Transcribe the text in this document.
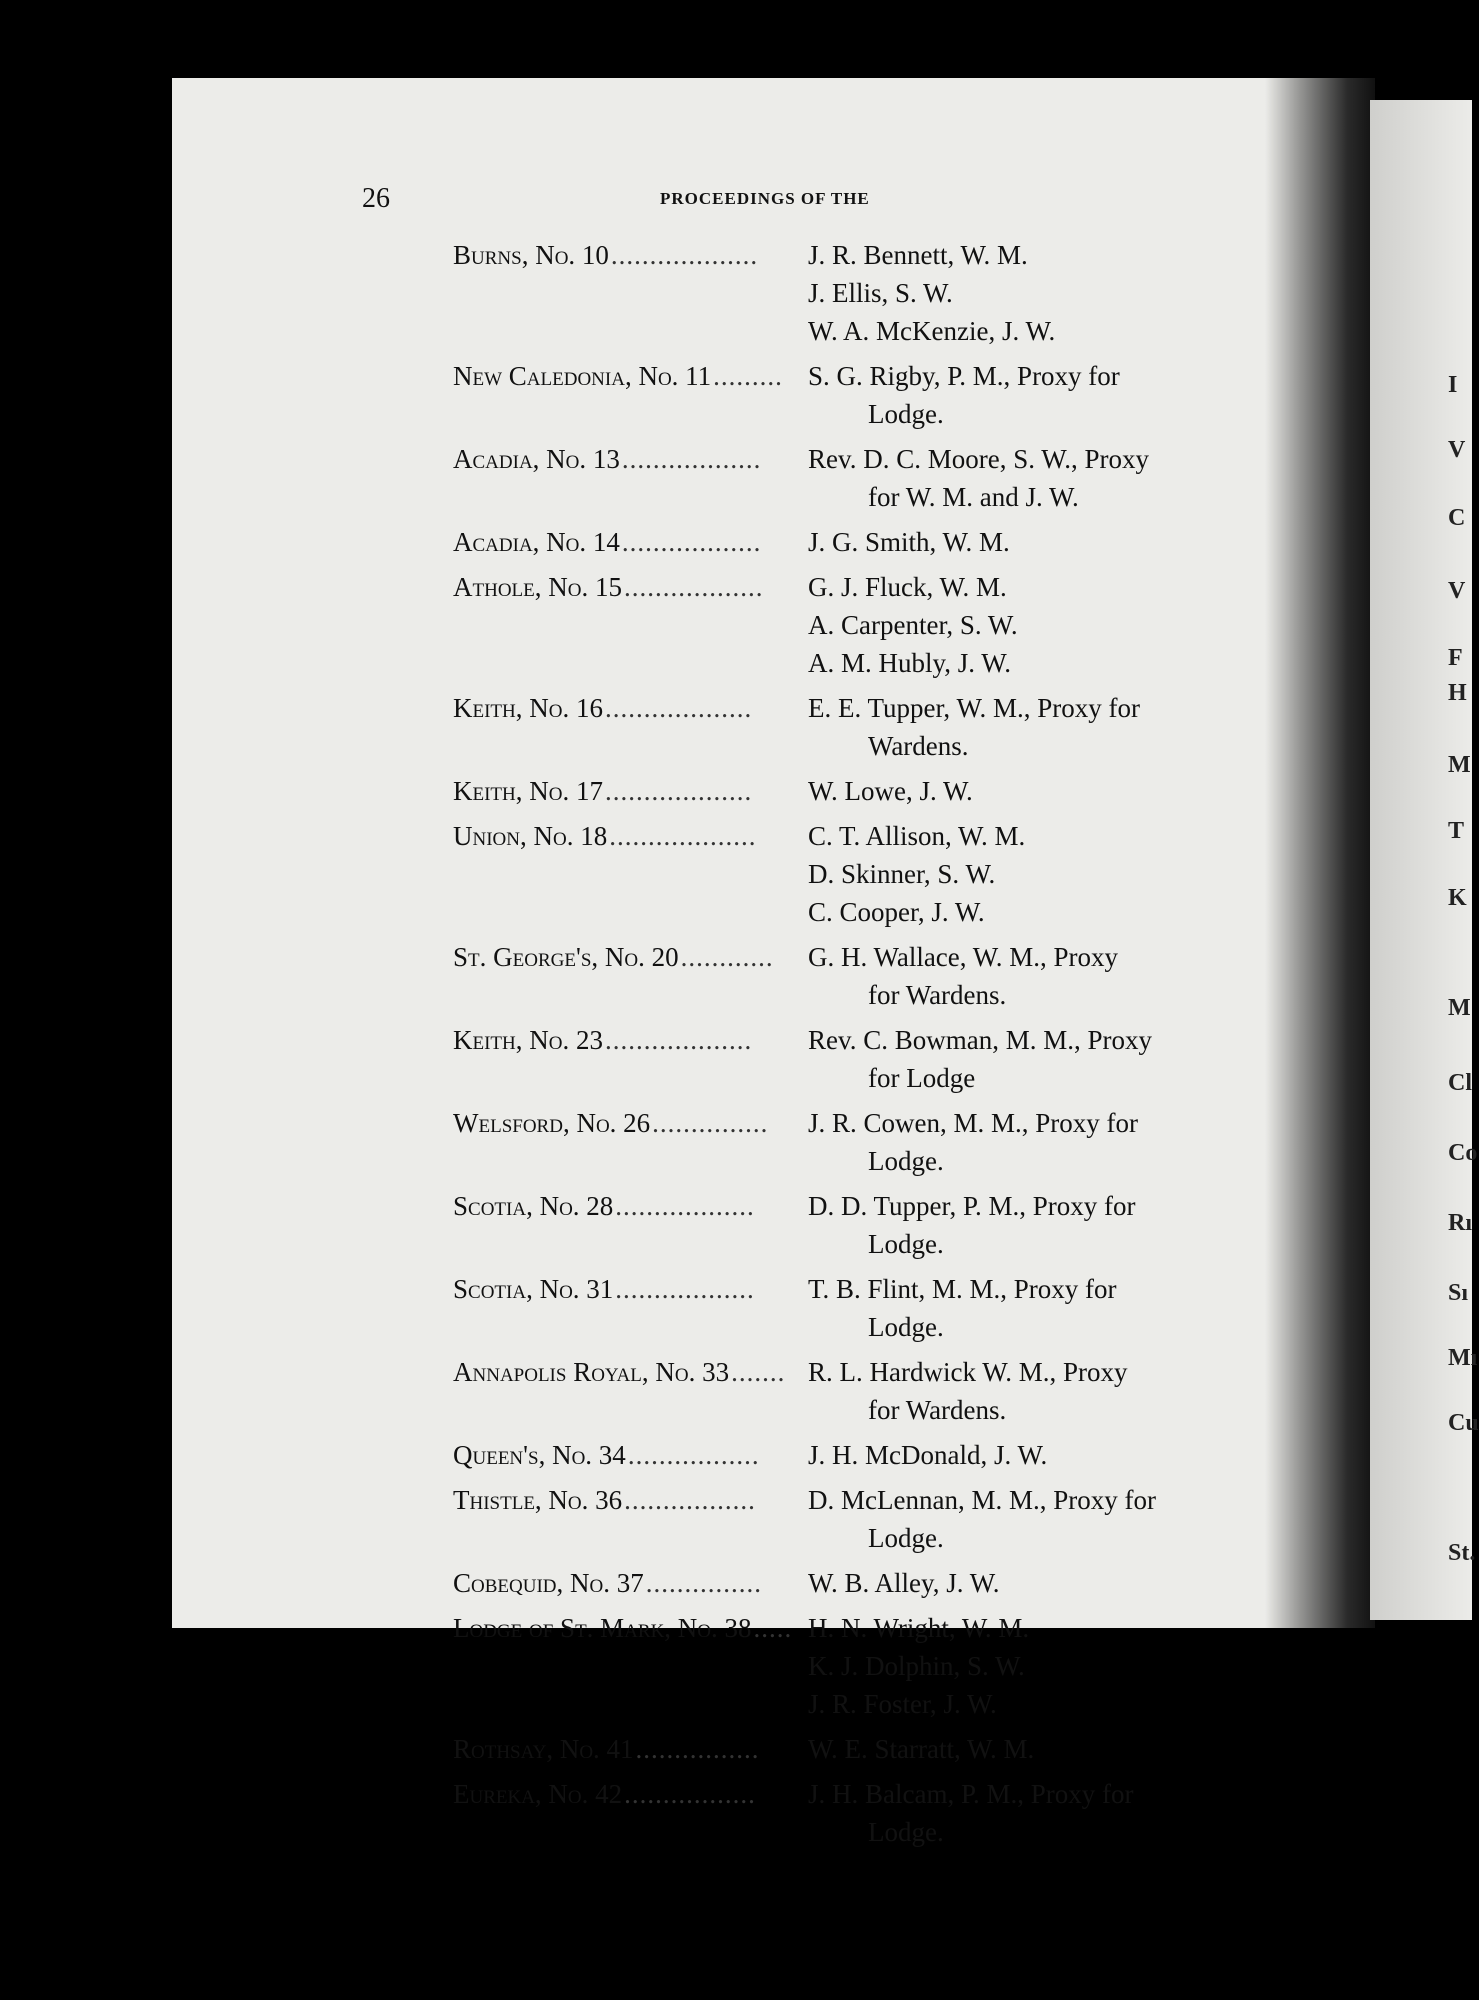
I
V
C
V
F
H
M
T
K
M
Cl
Co
Rı
Sı
Mı
Cu
St.
26	PROCEEDINGS OF THE
Burns, No. 10 ................... J. R. Bennett, W. M.
J. Ellis, S. W.
W. A. McKenzie, J. W.
New Caledonia, No. 11 ......... S. G. Rigby, P. M., Proxy for
Lodge.
Acadia, No. 13 .................. Rev. D. C. Moore, S. W., Proxy
for W. M. and J. W.
Acadia, No. 14 .................. J. G. Smith, W. M.
Athole, No. 15 .................. G. J. Fluck, W. M.
A. Carpenter, S. W.
A. M. Hubly, J. W.
Keith, No. 16 ................... E. E. Tupper, W. M., Proxy for
Wardens.
Keith, No. 17 ................... W. Lowe, J. W.
Union, No. 18 ................... C. T. Allison, W. M.
D. Skinner, S. W.
C. Cooper, J. W.
St. George's, No. 20 ............ G. H. Wallace, W. M., Proxy
for Wardens.
Keith, No. 23 ................... Rev. C. Bowman, M. M., Proxy
for Lodge
Welsford, No. 26 ............... J. R. Cowen, M. M., Proxy for
Lodge.
Scotia, No. 28 .................. D. D. Tupper, P. M., Proxy for
Lodge.
Scotia, No. 31 .................. T. B. Flint, M. M., Proxy for
Lodge.
Annapolis Royal, No. 33 ....... R. L. Hardwick W. M., Proxy
for Wardens.
Queen's, No. 34 ................. J. H. McDonald, J. W.
Thistle, No. 36 ................. D. McLennan, M. M., Proxy for
Lodge.
Cobequid, No. 37 ............... W. B. Alley, J. W.
Lodge of St. Mark, No. 38 ..... H. N. Wright, W. M.
K. J. Dolphin, S. W.
J. R. Foster, J. W.
Rothsay, No. 41 ................ W. E. Starratt, W. M.
Eureka, No. 42 ................. J. H. Balcam, P. M., Proxy for
Lodge.
